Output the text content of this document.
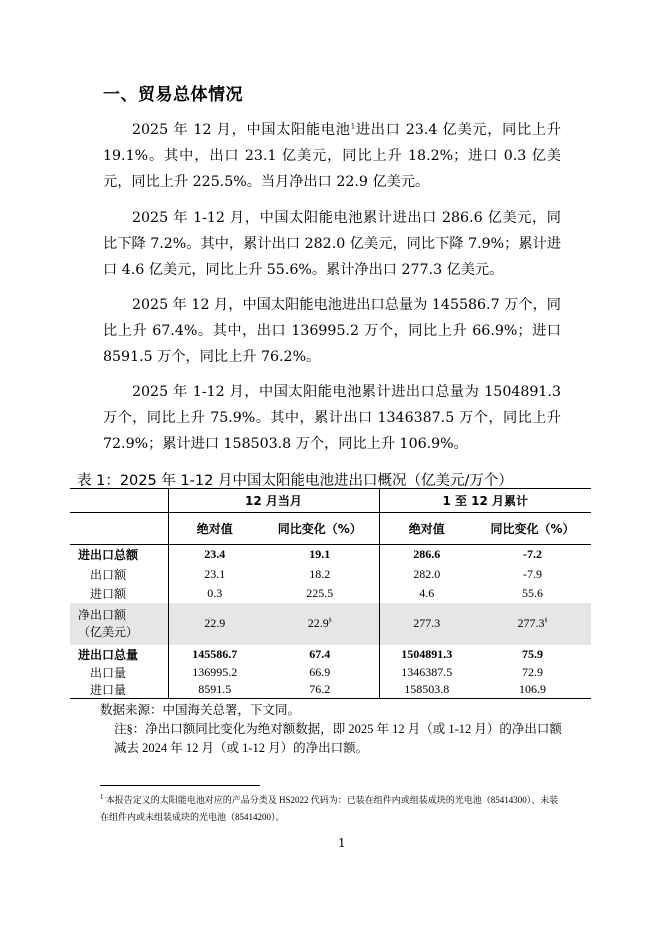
一、贸易总体情况
2025 年 12 月，中国太阳能电池$^1$进出口 23.4 亿美元，同比上升 19.1%。其中，出口 23.1 亿美元，同比上升 18.2%；进口 0.3 亿美元，同比上升 225.5%。当月净出口 22.9 亿美元。
2025 年 1-12 月，中国太阳能电池累计进出口 286.6 亿美元，同比下降 7.2%。其中，累计出口 282.0 亿美元，同比下降 7.9%；累计进口 4.6 亿美元，同比上升 55.6%。累计净出口 277.3 亿美元。
2025 年 12 月，中国太阳能电池进出口总量为 145586.7 万个，同比上升 67.4%。其中，出口 136995.2 万个，同比上升 66.9%；进口 8591.5 万个，同比上升 76.2%。
2025 年 1-12 月，中国太阳能电池累计进出口总量为 1504891.3 万个，同比上升 75.9%。其中，累计出口 1346387.5 万个，同比上升 72.9%；累计进口 158503.8 万个，同比上升 106.9%。
表 1：2025 年 1-12 月中国太阳能电池进出口概况（亿美元/万个）
	12 月当月		1 至 12 月累计	
	绝对值	同比变化（%）	绝对值	同比变化（%）
进出口总额	23.4	19.1	286.6	-7.2
出口额	23.1	18.2	282.0	-7.9
进口额	0.3	225.5	4.6	55.6
净出口额
（亿美元）	22.9	22.9§	277.3	277.3§
进出口总量	145586.7	67.4	1504891.3	75.9
出口量	136995.2	66.9	1346387.5	72.9
进口量	8591.5	76.2	158503.8	106.9
数据来源：中国海关总署，下文同。
注§：净出口额同比变化为绝对额数据，即 2025 年 12 月（或 1-12 月）的净出口额减去 2024 年 12 月（或 1-12 月）的净出口额。
$^1$ 本报告定义的太阳能电池对应的产品分类及 HS2022 代码为：已装在组件内或组装成块的光电池（85414300）、未装在组件内或未组装成块的光电池（85414200）。
1
